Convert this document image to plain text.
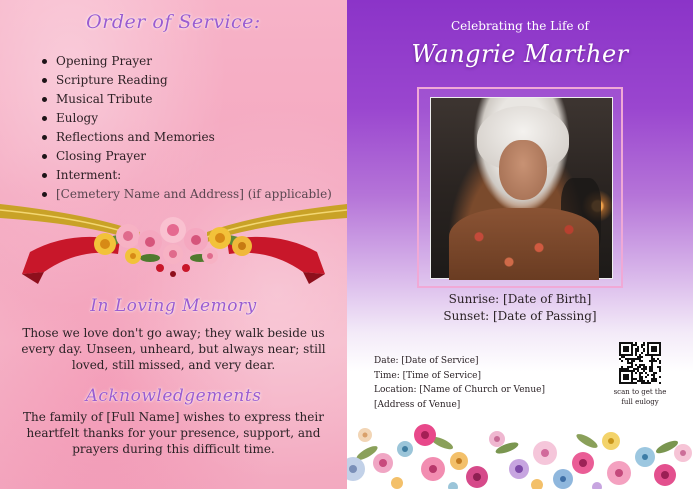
Order of Service:
Opening Prayer
Scripture Reading
Musical Tribute
Eulogy
Reflections and Memories
Closing Prayer
Interment:
[Cemetery Name and Address] (if applicable)
In Loving Memory

Those we love don't go away; they walk beside us every day. Unseen, unheard, but always near; still loved, still missed, and very dear.

Acknowledgements

The family of [Full Name] wishes to express their heartfelt thanks for your presence, support, and prayers during this difficult time.

Celebrating the Life of
Wangrie Marther
Sunrise: [Date of Birth]
Sunset: [Date of Passing]
Date: [Date of Service]
Time: [Time of Service]
Location: [Name of Church or Venue]
[Address of Venue]
scan to get the
full eulogy
